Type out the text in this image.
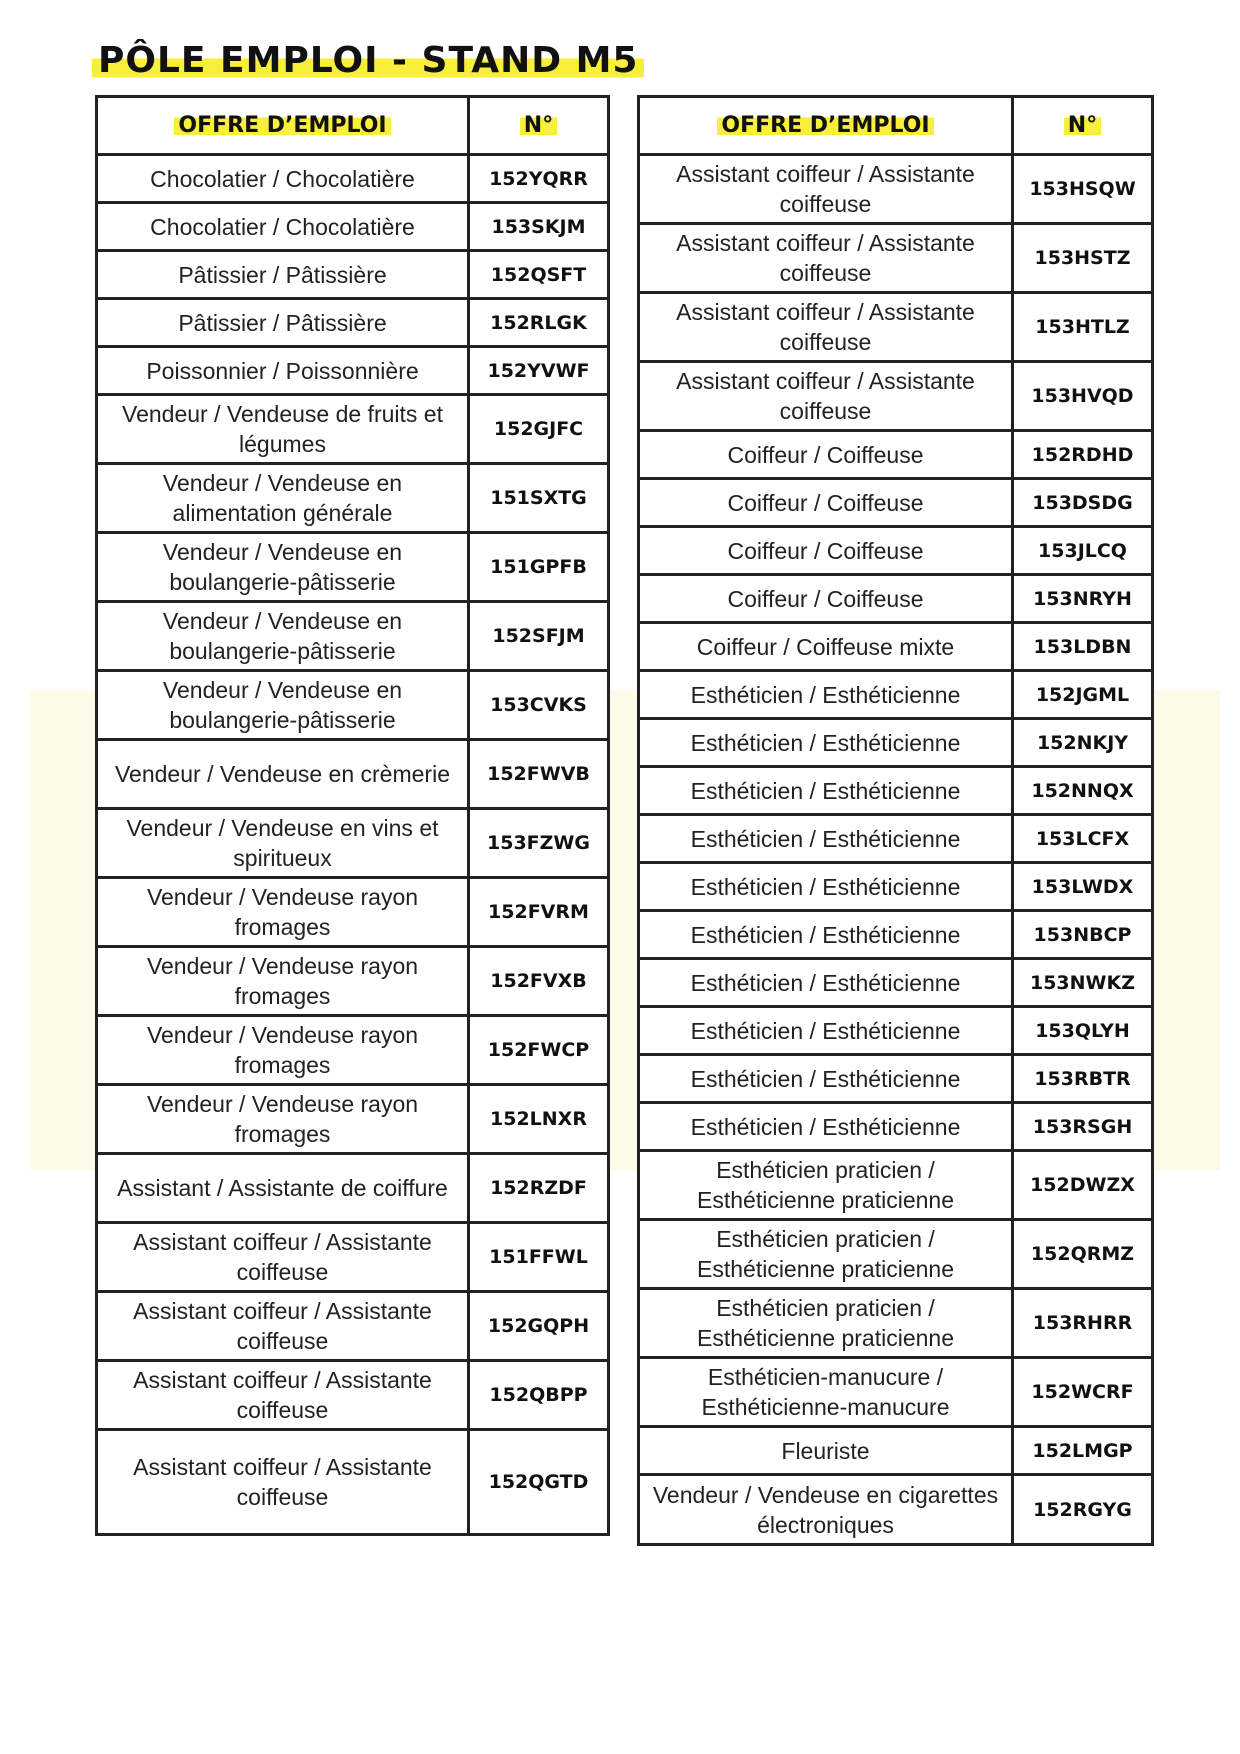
PÔLE EMPLOI - STAND M5
OFFRE D’EMPLOI	N°
Chocolatier / Chocolatière	152YQRR
Chocolatier / Chocolatière	153SKJM
Pâtissier / Pâtissière	152QSFT
Pâtissier / Pâtissière	152RLGK
Poissonnier / Poissonnière	152YVWF
Vendeur / Vendeuse de fruits et légumes	152GJFC
Vendeur / Vendeuse en alimentation générale	151SXTG
Vendeur / Vendeuse en boulangerie-pâtisserie	151GPFB
Vendeur / Vendeuse en boulangerie-pâtisserie	152SFJM
Vendeur / Vendeuse en boulangerie-pâtisserie	153CVKS
Vendeur / Vendeuse en crèmerie	152FWVB
Vendeur / Vendeuse en vins et spiritueux	153FZWG
Vendeur / Vendeuse rayon fromages	152FVRM
Vendeur / Vendeuse rayon fromages	152FVXB
Vendeur / Vendeuse rayon fromages	152FWCP
Vendeur / Vendeuse rayon fromages	152LNXR
Assistant / Assistante de coiffure	152RZDF
Assistant coiffeur / Assistante coiffeuse	151FFWL
Assistant coiffeur / Assistante coiffeuse	152GQPH
Assistant coiffeur / Assistante coiffeuse	152QBPP
Assistant coiffeur / Assistante coiffeuse	152QGTD
OFFRE D’EMPLOI	N°
Assistant coiffeur / Assistante coiffeuse	153HSQW
Assistant coiffeur / Assistante coiffeuse	153HSTZ
Assistant coiffeur / Assistante coiffeuse	153HTLZ
Assistant coiffeur / Assistante coiffeuse	153HVQD
Coiffeur / Coiffeuse	152RDHD
Coiffeur / Coiffeuse	153DSDG
Coiffeur / Coiffeuse	153JLCQ
Coiffeur / Coiffeuse	153NRYH
Coiffeur / Coiffeuse mixte	153LDBN
Esthéticien / Esthéticienne	152JGML
Esthéticien / Esthéticienne	152NKJY
Esthéticien / Esthéticienne	152NNQX
Esthéticien / Esthéticienne	153LCFX
Esthéticien / Esthéticienne	153LWDX
Esthéticien / Esthéticienne	153NBCP
Esthéticien / Esthéticienne	153NWKZ
Esthéticien / Esthéticienne	153QLYH
Esthéticien / Esthéticienne	153RBTR
Esthéticien / Esthéticienne	153RSGH
Esthéticien praticien / Esthéticienne praticienne	152DWZX
Esthéticien praticien / Esthéticienne praticienne	152QRMZ
Esthéticien praticien / Esthéticienne praticienne	153RHRR
Esthéticien-manucure / Esthéticienne-manucure	152WCRF
Fleuriste	152LMGP
Vendeur / Vendeuse en cigarettes électroniques	152RGYG
